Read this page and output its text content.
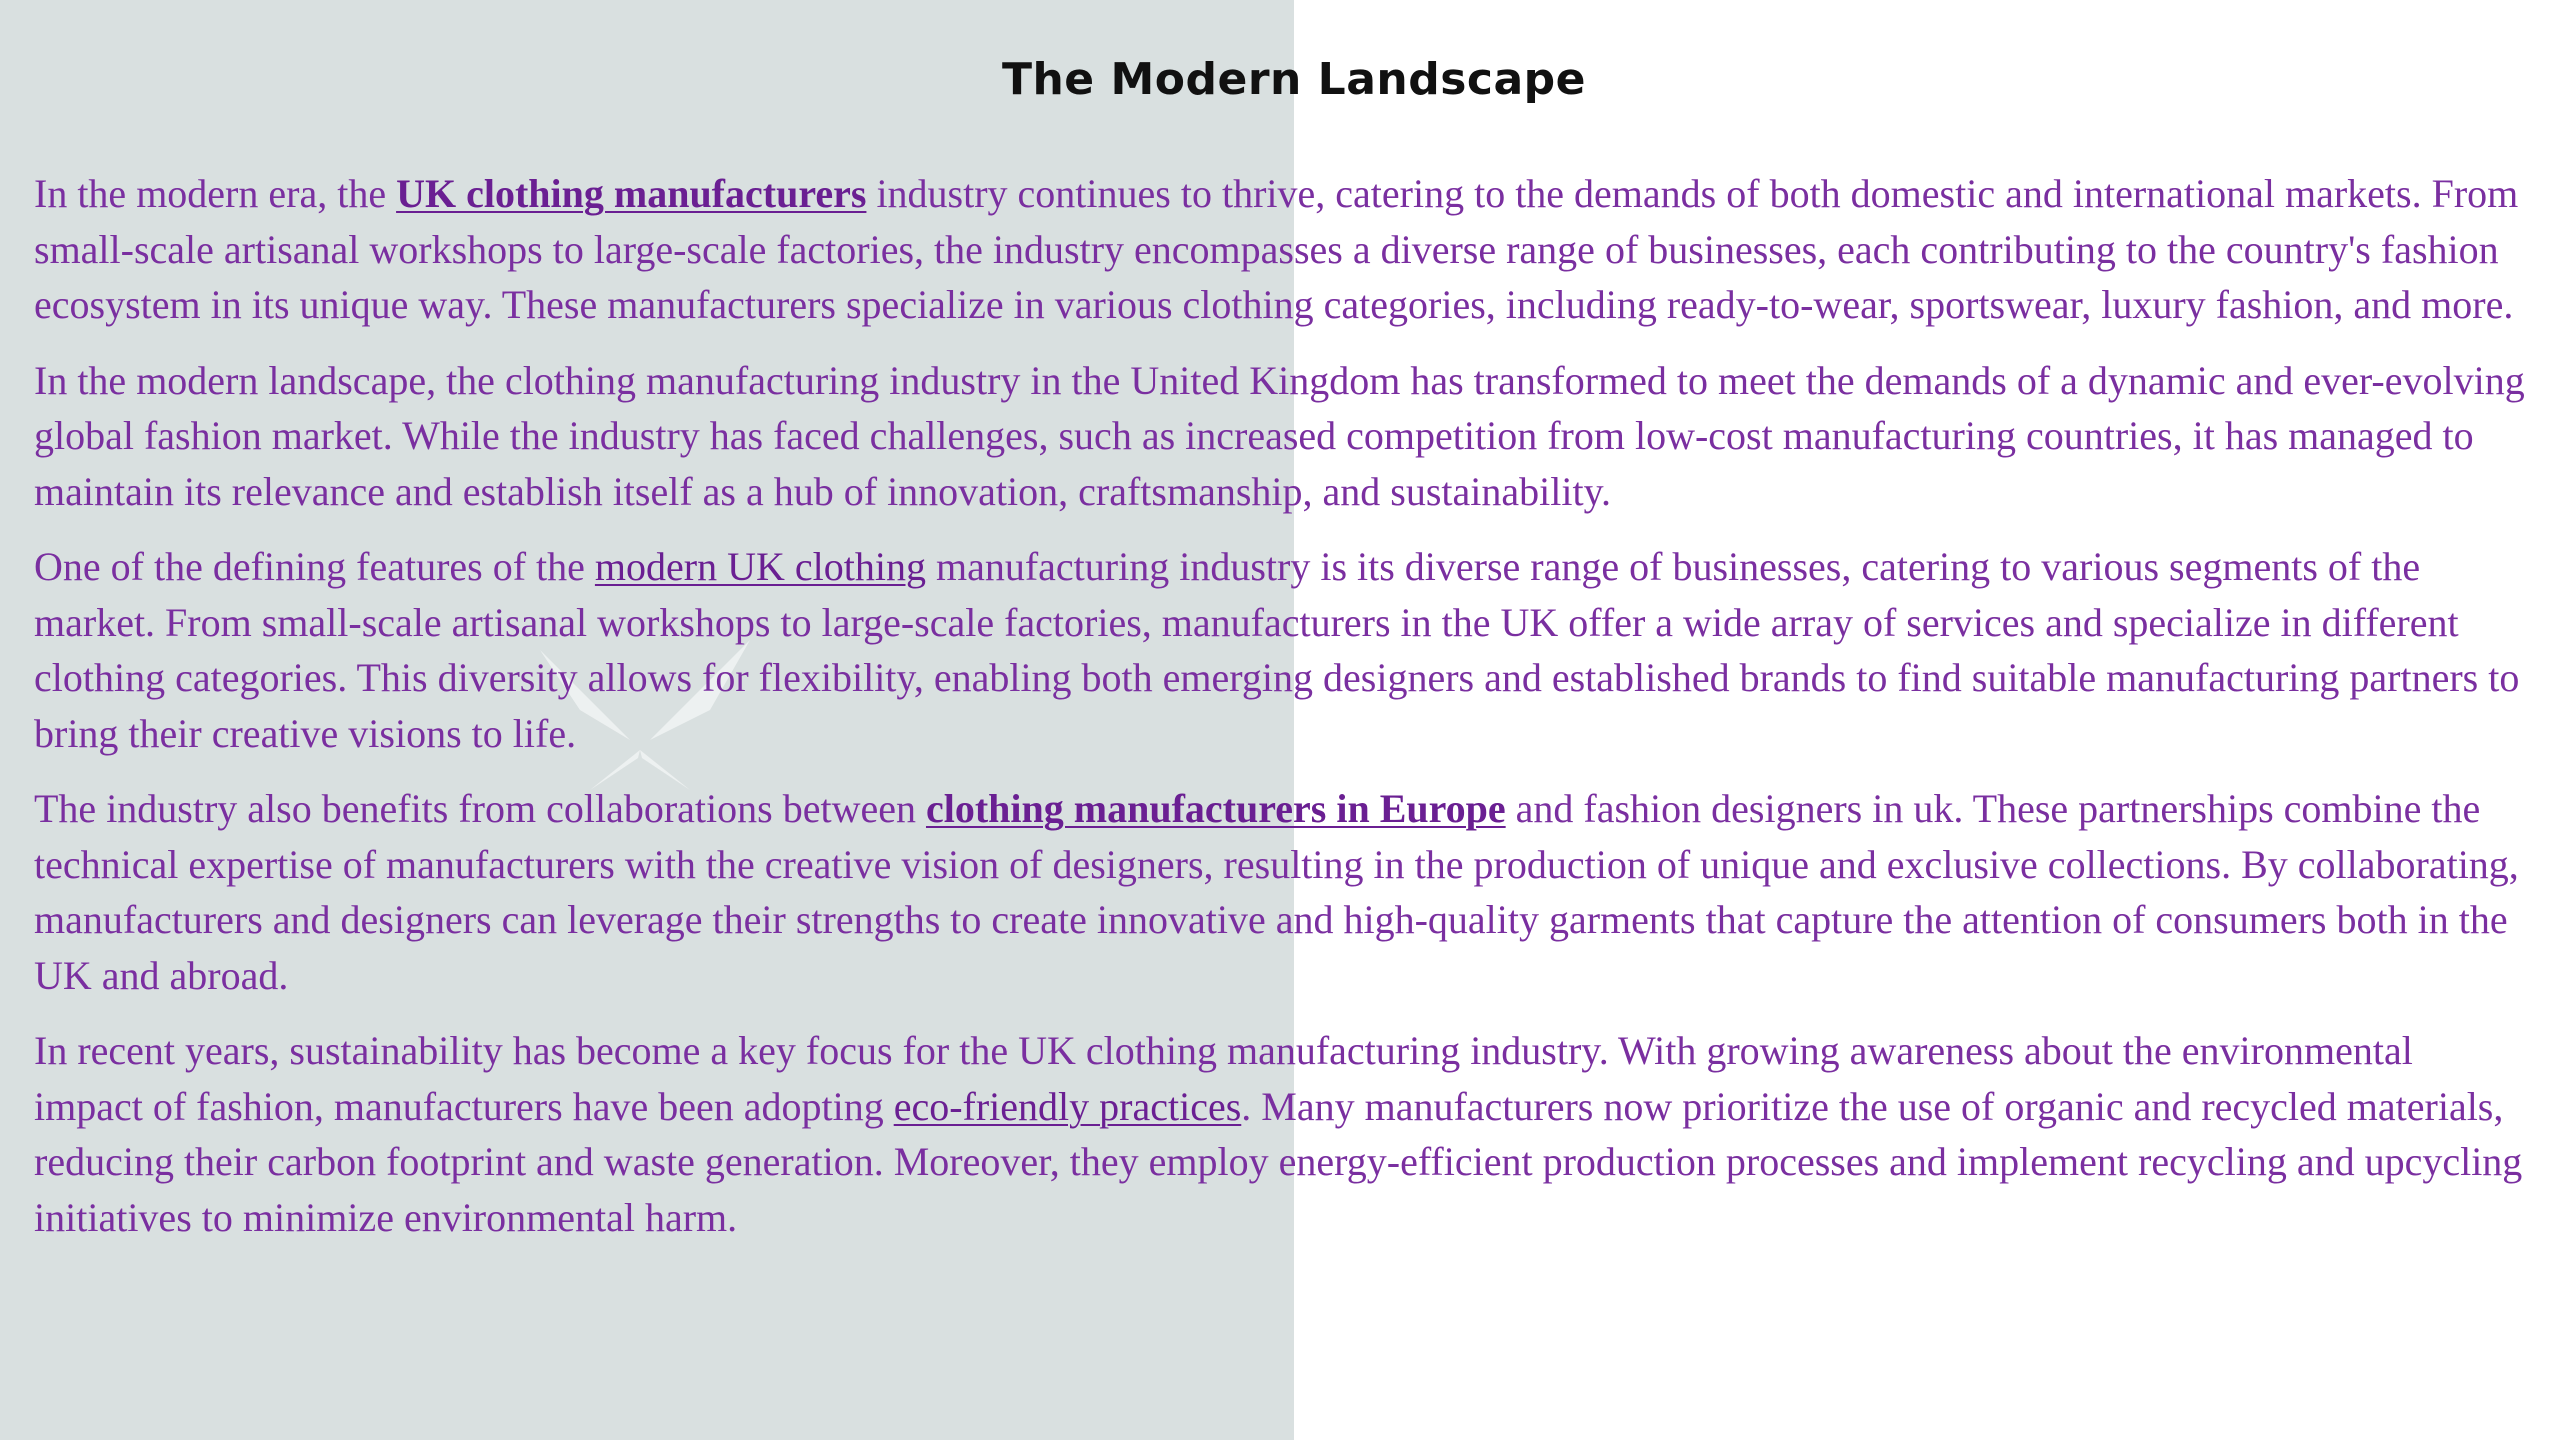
The Modern Landscape

In the modern era, the UK clothing manufacturers industry continues to thrive, catering to the demands of both domestic and international markets. From small-scale artisanal workshops to large-scale factories, the industry encompasses a diverse range of businesses, each contributing to the country's fashion ecosystem in its unique way. These manufacturers specialize in various clothing categories, including ready-to-wear, sportswear, luxury fashion, and more.

In the modern landscape, the clothing manufacturing industry in the United Kingdom has transformed to meet the demands of a dynamic and ever-evolving global fashion market. While the industry has faced challenges, such as increased competition from low-cost manufacturing countries, it has managed to maintain its relevance and establish itself as a hub of innovation, craftsmanship, and sustainability.

One of the defining features of the modern UK clothing manufacturing industry is its diverse range of businesses, catering to various segments of the market. From small-scale artisanal workshops to large-scale factories, manufacturers in the UK offer a wide array of services and specialize in different clothing categories. This diversity allows for flexibility, enabling both emerging designers and established brands to find suitable manufacturing partners to bring their creative visions to life.

The industry also benefits from collaborations between clothing manufacturers in Europe and fashion designers in uk. These partnerships combine the technical expertise of manufacturers with the creative vision of designers, resulting in the production of unique and exclusive collections. By collaborating, manufacturers and designers can leverage their strengths to create innovative and high-quality garments that capture the attention of consumers both in the UK and abroad.

In recent years, sustainability has become a key focus for the UK clothing manufacturing industry. With growing awareness about the environmental impact of fashion, manufacturers have been adopting eco-friendly practices. Many manufacturers now prioritize the use of organic and recycled materials, reducing their carbon footprint and waste generation. Moreover, they employ energy-efficient production processes and implement recycling and upcycling initiatives to minimize environmental harm.
